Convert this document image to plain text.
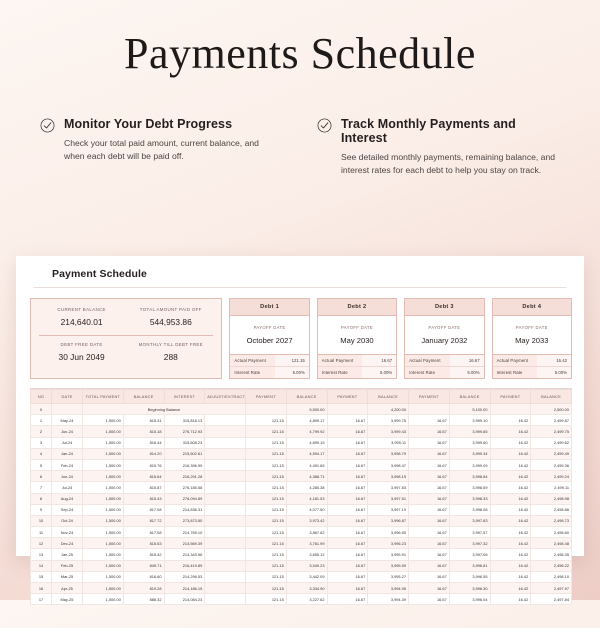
Payments Schedule
Monitor Your Debt Progress

Check your total paid amount, current balance, and when each debt will be paid off.

Track Monthly Payments and Interest

See detailed monthly payments, remaining balance, and interest rates for each debt to help you stay on track.

Payment Schedule
CURRENT BALANCE
214,640.01
TOTAL AMOUNT PAID OFF
544,953.86
DEBT FREE DATE
30 Jun 2049
MONTHLY TILL DEBT FREE
288
Debt 1
PAYOFF DATE
October 2027
Actual Payment	121.15
Interest Rate	5.00%
Debt 2
PAYOFF DATE
May 2030
Actual Payment	16.67
Interest Rate	5.00%
Debt 3
PAYOFF DATE
January 2032
Actual Payment	16.67
Interest Rate	5.00%
Debt 4
PAYOFF DATE
May 2033
Actual Payment	16.42
Interest Rate	5.00%
NO	DATE	TOTAL PAYMENT	BALANCE	INTEREST	ADJUST/EXTRACT	PAYMENT	BALANCE	PAYMENT	BALANCE	PAYMENT	BALANCE	PAYMENT	BALANCE
0		Beginning Balance					5,500.00		4,200.00		5,100.00		2,500.00
1	May-24	1,500.00	815.31	315,818.13		121.15	4,899.17	16.67	3,999.75	16.67	3,999.10	16.42	2,499.87
2	Jun-24	1,500.00	815.18	276,712.93		121.15	4,799.92	16.67	3,999.43	16.67	3,999.85	16.42	2,499.75
3	Jul-24	1,500.00	816.44	315,608.23		121.15	4,699.15	16.67	3,999.11	16.67	3,999.60	16.42	2,499.62
4	Jan-24	1,500.00	814.20	215,502.61		121.15	4,594.17	16.67	3,998.79	16.67	3,999.34	16.42	2,499.49
5	Feb-24	1,500.00	815.76	216,396.99		121.15	4,491.65	16.67	3,998.47	16.67	3,999.09	16.42	2,499.36
6	Jun-24	1,500.00	815.64	216,291.28		121.15	4,388.71	16.67	3,998.15	16.67	3,998.84	16.42	2,499.24
7	Jul-24	1,500.00	815.87	276,185.58		121.15	4,285.38	16.67	3,997.83	16.67	3,998.59	16.42	2,499.11
8	Aug-24	1,500.00	815.43	276,094.89		121.15	4,181.53	16.67	3,997.51	16.67	3,998.33	16.42	2,498.98
9	Sep-24	1,500.00	817.08	214,836.31		121.15	4,077.50	16.67	3,997.19	16.67	3,998.08	16.42	2,498.86
10	Oct-24	1,500.00	817.72	273,873.50		121.15	3,973.42	16.67	3,996.87	16.67	3,997.83	16.42	2,498.73
11	Nov-24	1,500.00	817.08	214,769.10		121.15	3,867.62	16.67	3,996.55	16.67	3,997.57	16.42	2,498.60
12	Dec-24	1,500.00	815.63	214,569.39		121.15	3,761.99	16.67	3,996.23	16.67	3,997.32	16.42	2,498.48
13	Jan-25	1,500.00	815.42	214,343.96		121.15	3,655.12	16.67	3,995.91	16.67	3,997.06	16.42	2,498.35
14	Feb-25	1,500.00	849.71	216,419.89		121.15	3,549.23	16.67	3,995.59	16.67	3,996.81	16.42	2,498.22
15	Mar-25	1,500.00	816.60	214,296.53		121.15	3,442.09	16.67	3,995.27	16.67	3,996.55	16.42	2,498.10
16	Apr-25	1,500.00	819.28	214,186.15		121.15	3,334.90	16.67	3,994.95	16.67	3,996.30	16.42	2,497.97
17	May-25	1,500.00	888.32	214,084.23		121.15	3,227.62	16.67	3,994.39	16.67	3,996.04	16.42	2,497.84
